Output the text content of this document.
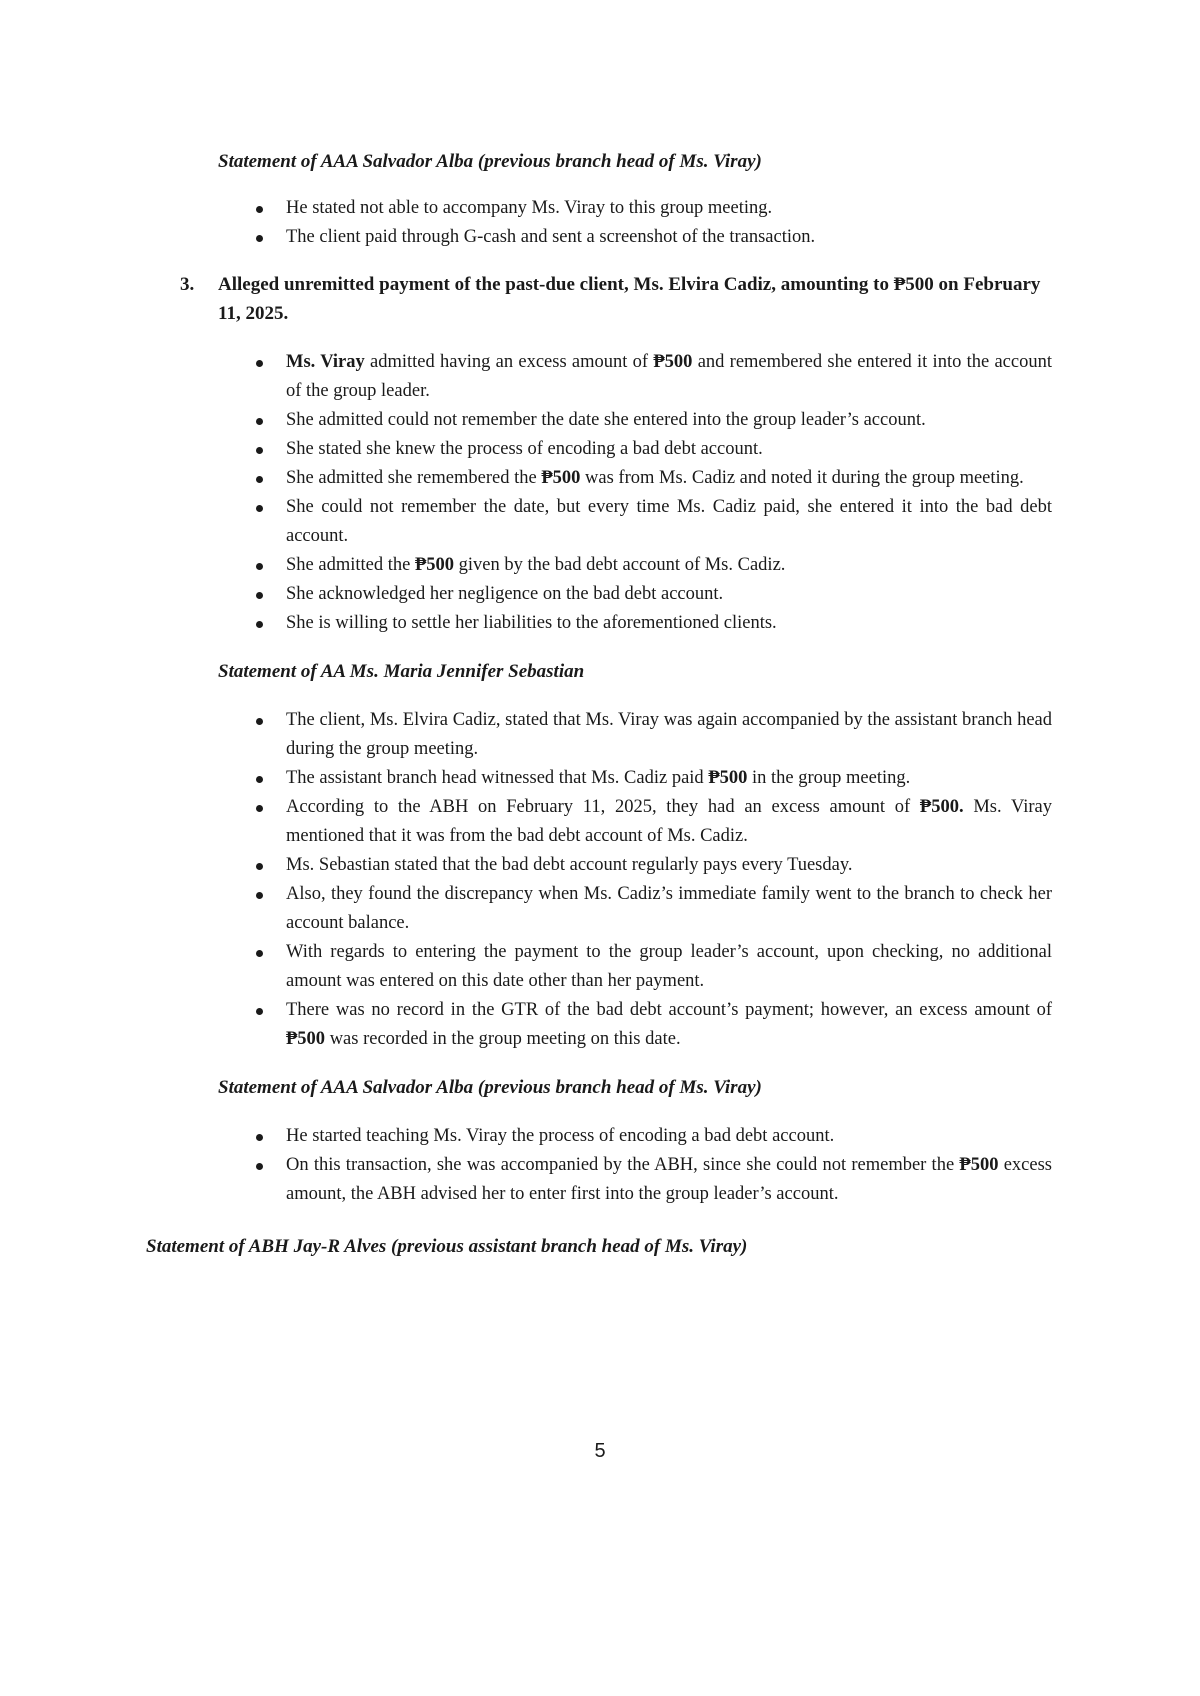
Statement of AAA Salvador Alba (previous branch head of Ms. Viray)

He stated not able to accompany Ms. Viray to this group meeting.
The client paid through G-cash and sent a screenshot of the transaction.
3. Alleged unremitted payment of the past-due client, Ms. Elvira Cadiz, amounting to ₱500 on February 11, 2025.
Ms. Viray admitted having an excess amount of ₱500 and remembered she entered it into the account of the group leader.
She admitted could not remember the date she entered into the group leader’s account.
She stated she knew the process of encoding a bad debt account.
She admitted she remembered the ₱500 was from Ms. Cadiz and noted it during the group meeting.
She could not remember the date, but every time Ms. Cadiz paid, she entered it into the bad debt account.
She admitted the ₱500 given by the bad debt account of Ms. Cadiz.
She acknowledged her negligence on the bad debt account.
She is willing to settle her liabilities to the aforementioned clients.

Statement of AA Ms. Maria Jennifer Sebastian

The client, Ms. Elvira Cadiz, stated that Ms. Viray was again accompanied by the assistant branch head during the group meeting.
The assistant branch head witnessed that Ms. Cadiz paid ₱500 in the group meeting.
According to the ABH on February 11, 2025, they had an excess amount of ₱500. Ms. Viray mentioned that it was from the bad debt account of Ms. Cadiz.
Ms. Sebastian stated that the bad debt account regularly pays every Tuesday.
Also, they found the discrepancy when Ms. Cadiz’s immediate family went to the branch to check her account balance.
With regards to entering the payment to the group leader’s account, upon checking, no additional amount was entered on this date other than her payment.
There was no record in the GTR of the bad debt account’s payment; however, an excess amount of ₱500 was recorded in the group meeting on this date.

Statement of AAA Salvador Alba (previous branch head of Ms. Viray)

He started teaching Ms. Viray the process of encoding a bad debt account.
On this transaction, she was accompanied by the ABH, since she could not remember the ₱500 excess amount, the ABH advised her to enter first into the group leader’s account.

Statement of ABH Jay-R Alves (previous assistant branch head of Ms. Viray)

5
